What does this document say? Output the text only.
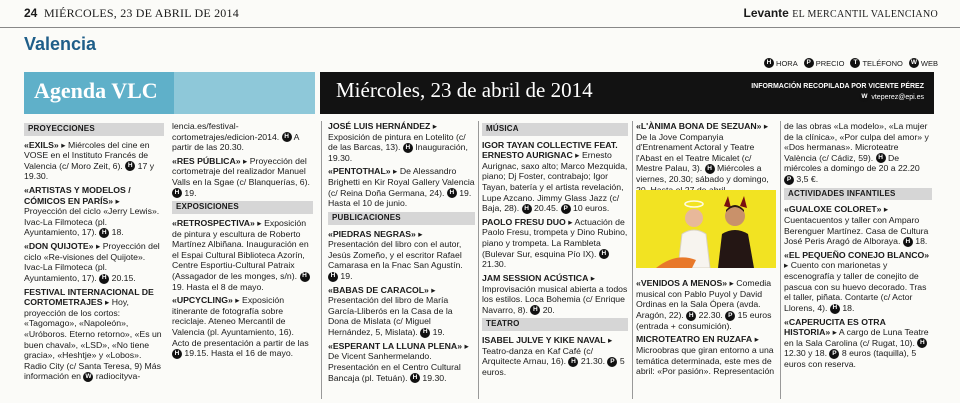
24 MIÉRCOLES, 23 DE ABRIL DE 2014	Levante EL MERCANTIL VALENCIANO
Valencia
H HORA	P PRECIO	T TELÉFONO W WEB
Agenda VLC	Miércoles, 23 de abril de 2014	INFORMACIÓN RECOPILADA POR VICENTE PÉREZ
W vteperez@epi.es
PROYECCIONES

«EXILS» ▸ Miércoles del cine en VOSE en el Instituto Francés de Valencia (c/ Moro Zeit, 6). H 17 y 19.30.

«ARTISTAS Y MODELOS / CÓMICOS EN PARÍS» ▸ Proyección del ciclo «Jerry Lewis». Ivac-La Filmoteca (pl. Ayuntamiento, 17). H 18.

«DON QUIJOTE» ▸ Proyección del ciclo «Re-visiones del Quijote». Ivac-La Filmoteca (pl. Ayuntamiento, 17). H 20.15.

FESTIVAL INTERNACIONAL DE CORTOMETRAJES ▸ Hoy, proyección de los cortos: «Tagomago», «Napoleón», «Uróboros. Eterno retorno», «Es un buen chaval», «LSD», «No tiene gracia», «Heshtje» y «Lobos». Radio City (c/ Santa Teresa, 9) Más información en W radiocityva-

lencia.es/festival-cortometrajes/edicion-2014. H A partir de las 20.30.

«RES PÚBLICA» ▸ Proyección del cortometraje del realizador Manuel Valls en la Sgae (c/ Blanquerías, 6). H 19.

EXPOSICIONES

«RETROSPECTIVA» ▸ Exposición de pintura y escultura de Roberto Martínez Albiñana. Inauguración en el Espai Cultural Biblioteca Azorín, Centre Esportiu-Cultural Patraix (Assagador de les monges, s/n). H 19. Hasta el 8 de mayo.

«UPCYCLING» ▸ Exposición itinerante de fotografía sobre reciclaje. Ateneo Mercantil de Valencia (pl. Ayuntamiento, 16). Acto de presentación a partir de las H 19.15. Hasta el 16 de mayo.

JOSÉ LUIS HERNÁNDEZ ▸ Exposición de pintura en Lotelito (c/ de las Barcas, 13). H Inauguración, 19.30.

«PENTOTHAL» ▸ De Alessandro Brighetti en Kir Royal Gallery Valencia (c/ Reina Doña Germana, 24). H 19. Hasta el 10 de junio.

PUBLICACIONES

«PIEDRAS NEGRAS» ▸ Presentación del libro con el autor, Jesús Zomeño, y el escritor Rafael Camarasa en la Fnac San Agustín. H 19.

«BABAS DE CARACOL» ▸ Presentación del libro de María García-Lliberós en la Casa de la Dona de Mislata (c/ Miguel Hernández, 5, Mislata). H 19.

«ESPERANT LA LLUNA PLENA» ▸ De Vicent Sanhermelando. Presentación en el Centro Cultural Bancaja (pl. Tetuán). H 19.30.

MÚSICA

IGOR TAYAN COLLECTIVE FEAT. ERNESTO AURIGNAC ▸ Ernesto Aurignac, saxo alto; Marco Mezquida, piano; Dj Foster, contrabajo; Igor Tayan, batería y el artista revelación, Lupe Azcano. Jimmy Glass Jazz (c/ Baja, 28). H 20.45. P 10 euros.

PAOLO FRESU DUO ▸ Actuación de Paolo Fresu, trompeta y Dino Rubino, piano y trompeta. La Rambleta (Bulevar Sur, esquina Pío IX). H 21.30.

JAM SESSION ACÚSTICA ▸ Improvisación musical abierta a todos los estilos. Loca Bohemia (c/ Enrique Navarro, 8). H 20.

TEATRO

ISABEL JULVE Y KIKE NAVAL ▸ Teatro-danza en Kaf Café (c/ Arquitecte Arnau, 16). H 21.30. P 5 euros.

«L'ÀNIMA BONA DE SEZUAN» ▸ De la Jove Companyia d'Entrenament Actoral y Teatre l'Abast en el Teatre Micalet (c/ Mestre Palau, 3). H Miércoles a viernes, 20.30; sábado y domingo,

«VENIDOS A MENOS» ▸ Comedia musical con Pablo Puyol y David Ordinas en la Sala Ópera (avda. Aragón, 22). H 22.30. P 15 euros (entrada + consumición).

MICROTEATRO EN RUZAFA ▸ Microobras que giran entorno a una temática determinada, este mes de abril: «Por pasión». Representación

de las obras «La modelo», «La mujer de la clínica», «Por culpa del amor» y «Dos hermanas». Microteatre València (c/ Cádiz, 59). H De miércoles a domingo de 20 a 22.20 P 3,5 €.

ACTIVIDADES INFANTILES

«GUALOXE COLORET» ▸ Cuentacuentos y taller con Amparo Berenguer Martínez. Casa de Cultura José Peris Aragó de Alboraya. H 18.

«EL PEQUEÑO CONEJO BLANCO» ▸ Cuento con marionetas y escenografía y taller de conejito de pascua con su huevo decorado. Tras el taller, piñata. Contarte (c/ Actor Llorens, 4). H 18.

«CAPERUCITA ES OTRA HISTORIA» ▸ A cargo de Luna Teatre en la Sala Carolina (c/ Rugat, 10). H 12.30 y 18. P 8 euros (taquilla), 5 euros con reserva.
